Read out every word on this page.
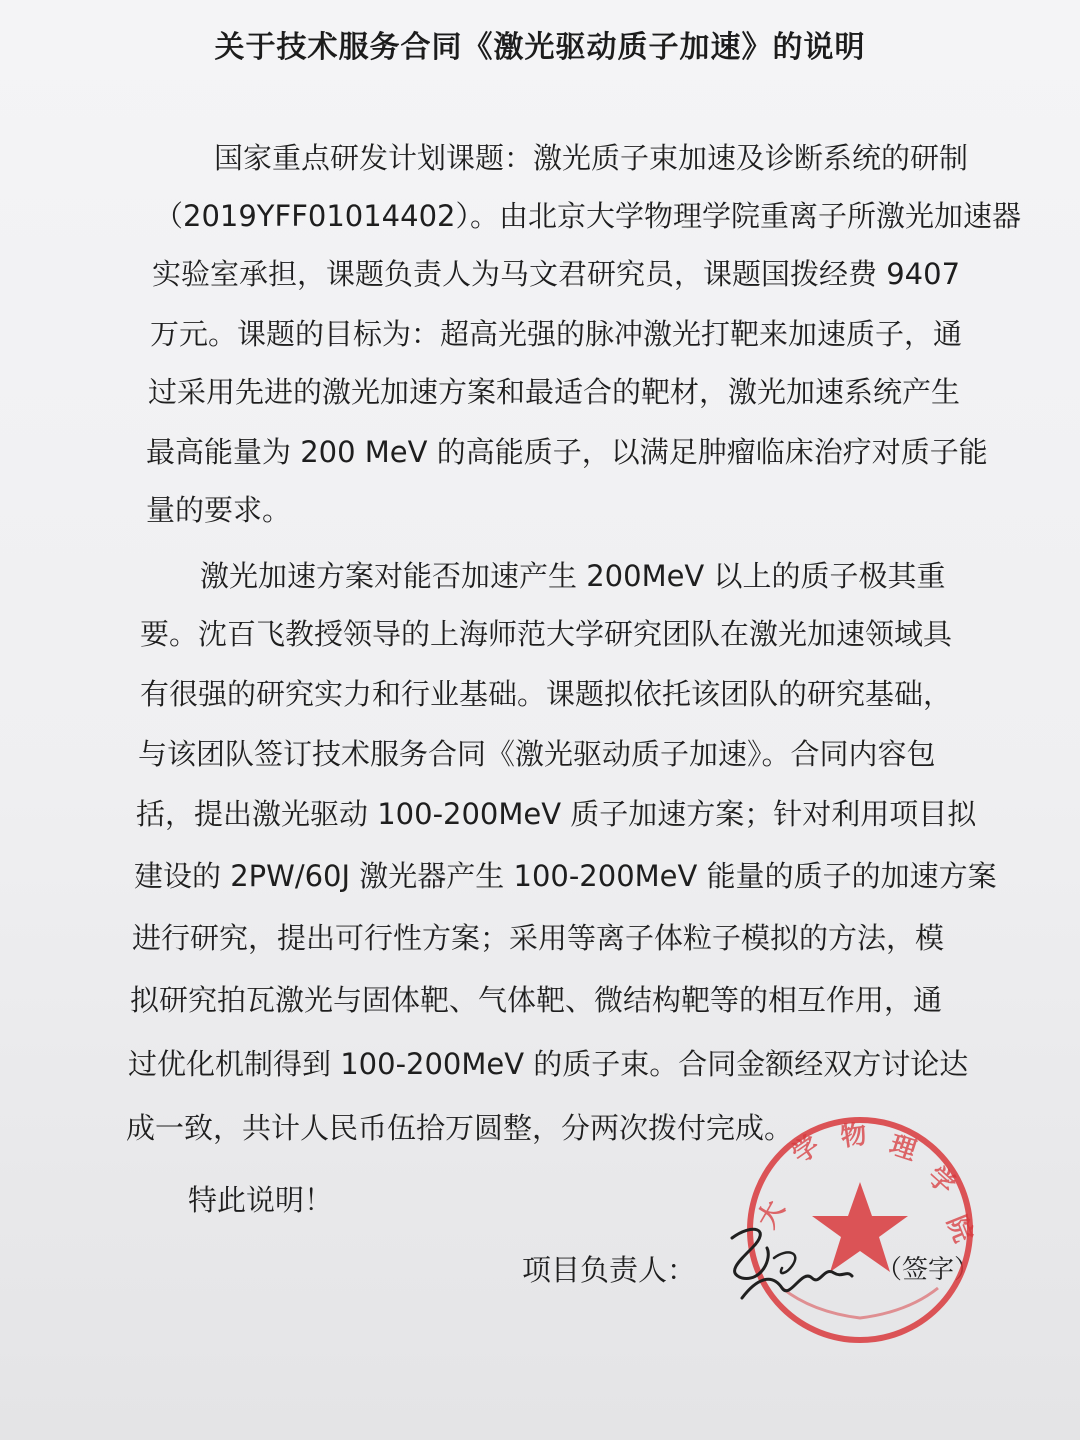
关于技术服务合同《激光驱动质子加速》的说明
国家重点研发计划课题：激光质子束加速及诊断系统的研制
（2019YFF01014402）。由北京大学物理学院重离子所激光加速器
实验室承担，课题负责人为马文君研究员，课题国拨经费 9407
万元。课题的目标为：超高光强的脉冲激光打靶来加速质子，通
过采用先进的激光加速方案和最适合的靶材，激光加速系统产生
最高能量为 200 MeV 的高能质子，以满足肿瘤临床治疗对质子能
量的要求。
激光加速方案对能否加速产生 200MeV 以上的质子极其重
要。沈百飞教授领导的上海师范大学研究团队在激光加速领域具
有很强的研究实力和行业基础。课题拟依托该团队的研究基础，
与该团队签订技术服务合同《激光驱动质子加速》。合同内容包
括，提出激光驱动 100-200MeV 质子加速方案；针对利用项目拟
建设的 2PW/60J 激光器产生 100-200MeV 能量的质子的加速方案
进行研究，提出可行性方案；采用等离子体粒子模拟的方法，模
拟研究拍瓦激光与固体靶、气体靶、微结构靶等的相互作用，通
过优化机制得到 100-200MeV 的质子束。合同金额经双方讨论达
成一致，共计人民币伍拾万圆整，分两次拨付完成。
特此说明！
项目负责人：	（签字）
大
学 物 理
学
院
